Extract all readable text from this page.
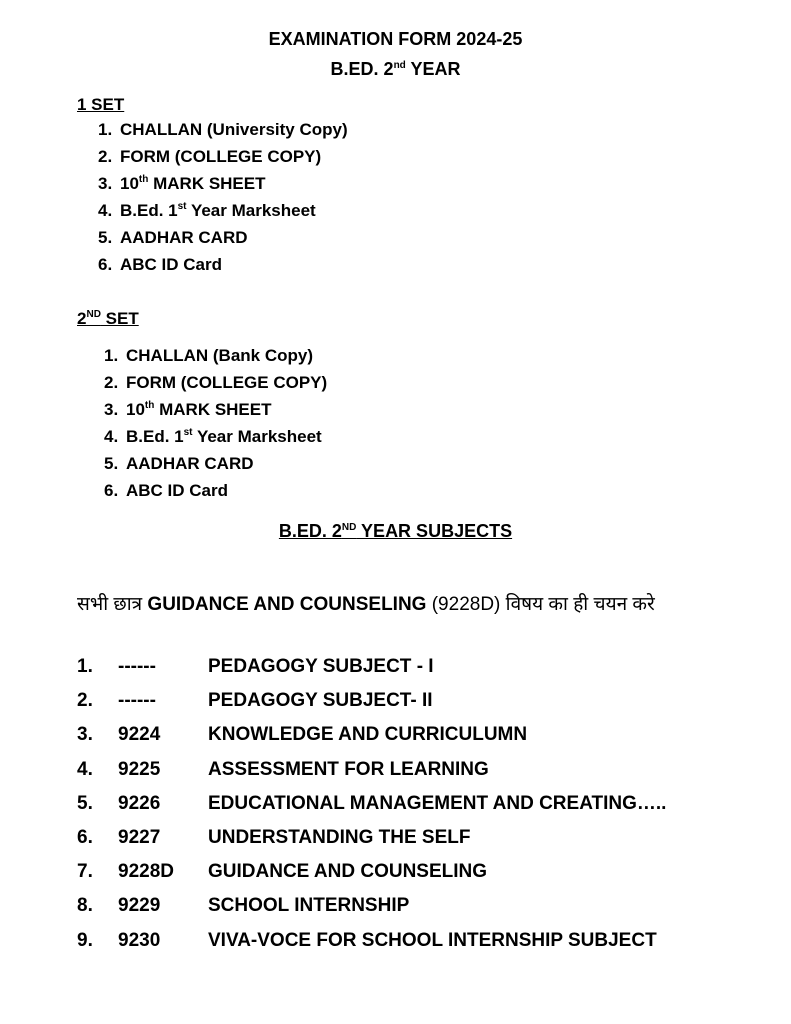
EXAMINATION FORM 2024-25
B.ED. 2nd YEAR
1 SET
1. CHALLAN (University Copy)
2. FORM (COLLEGE COPY)
3. 10th MARK SHEET
4. B.Ed. 1st Year Marksheet
5. AADHAR CARD
6. ABC ID Card
2ND SET
1. CHALLAN (Bank Copy)
2. FORM (COLLEGE COPY)
3. 10th MARK SHEET
4. B.Ed. 1st Year Marksheet
5. AADHAR CARD
6. ABC ID Card
B.ED. 2ND YEAR SUBJECTS
सभी छात्र GUIDANCE AND COUNSELING (9228D) विषय का ही चयन करे
1. ------	PEDAGOGY SUBJECT - I
2. ------	PEDAGOGY SUBJECT- II
3. 9224	KNOWLEDGE AND CURRICULUMN
4. 9225	ASSESSMENT FOR LEARNING
5. 9226	EDUCATIONAL MANAGEMENT AND CREATING…..
6. 9227	UNDERSTANDING THE SELF
7. 9228D GUIDANCE AND COUNSELING
8. 9229	SCHOOL INTERNSHIP
9. 9230	VIVA-VOCE FOR SCHOOL INTERNSHIP SUBJECT
